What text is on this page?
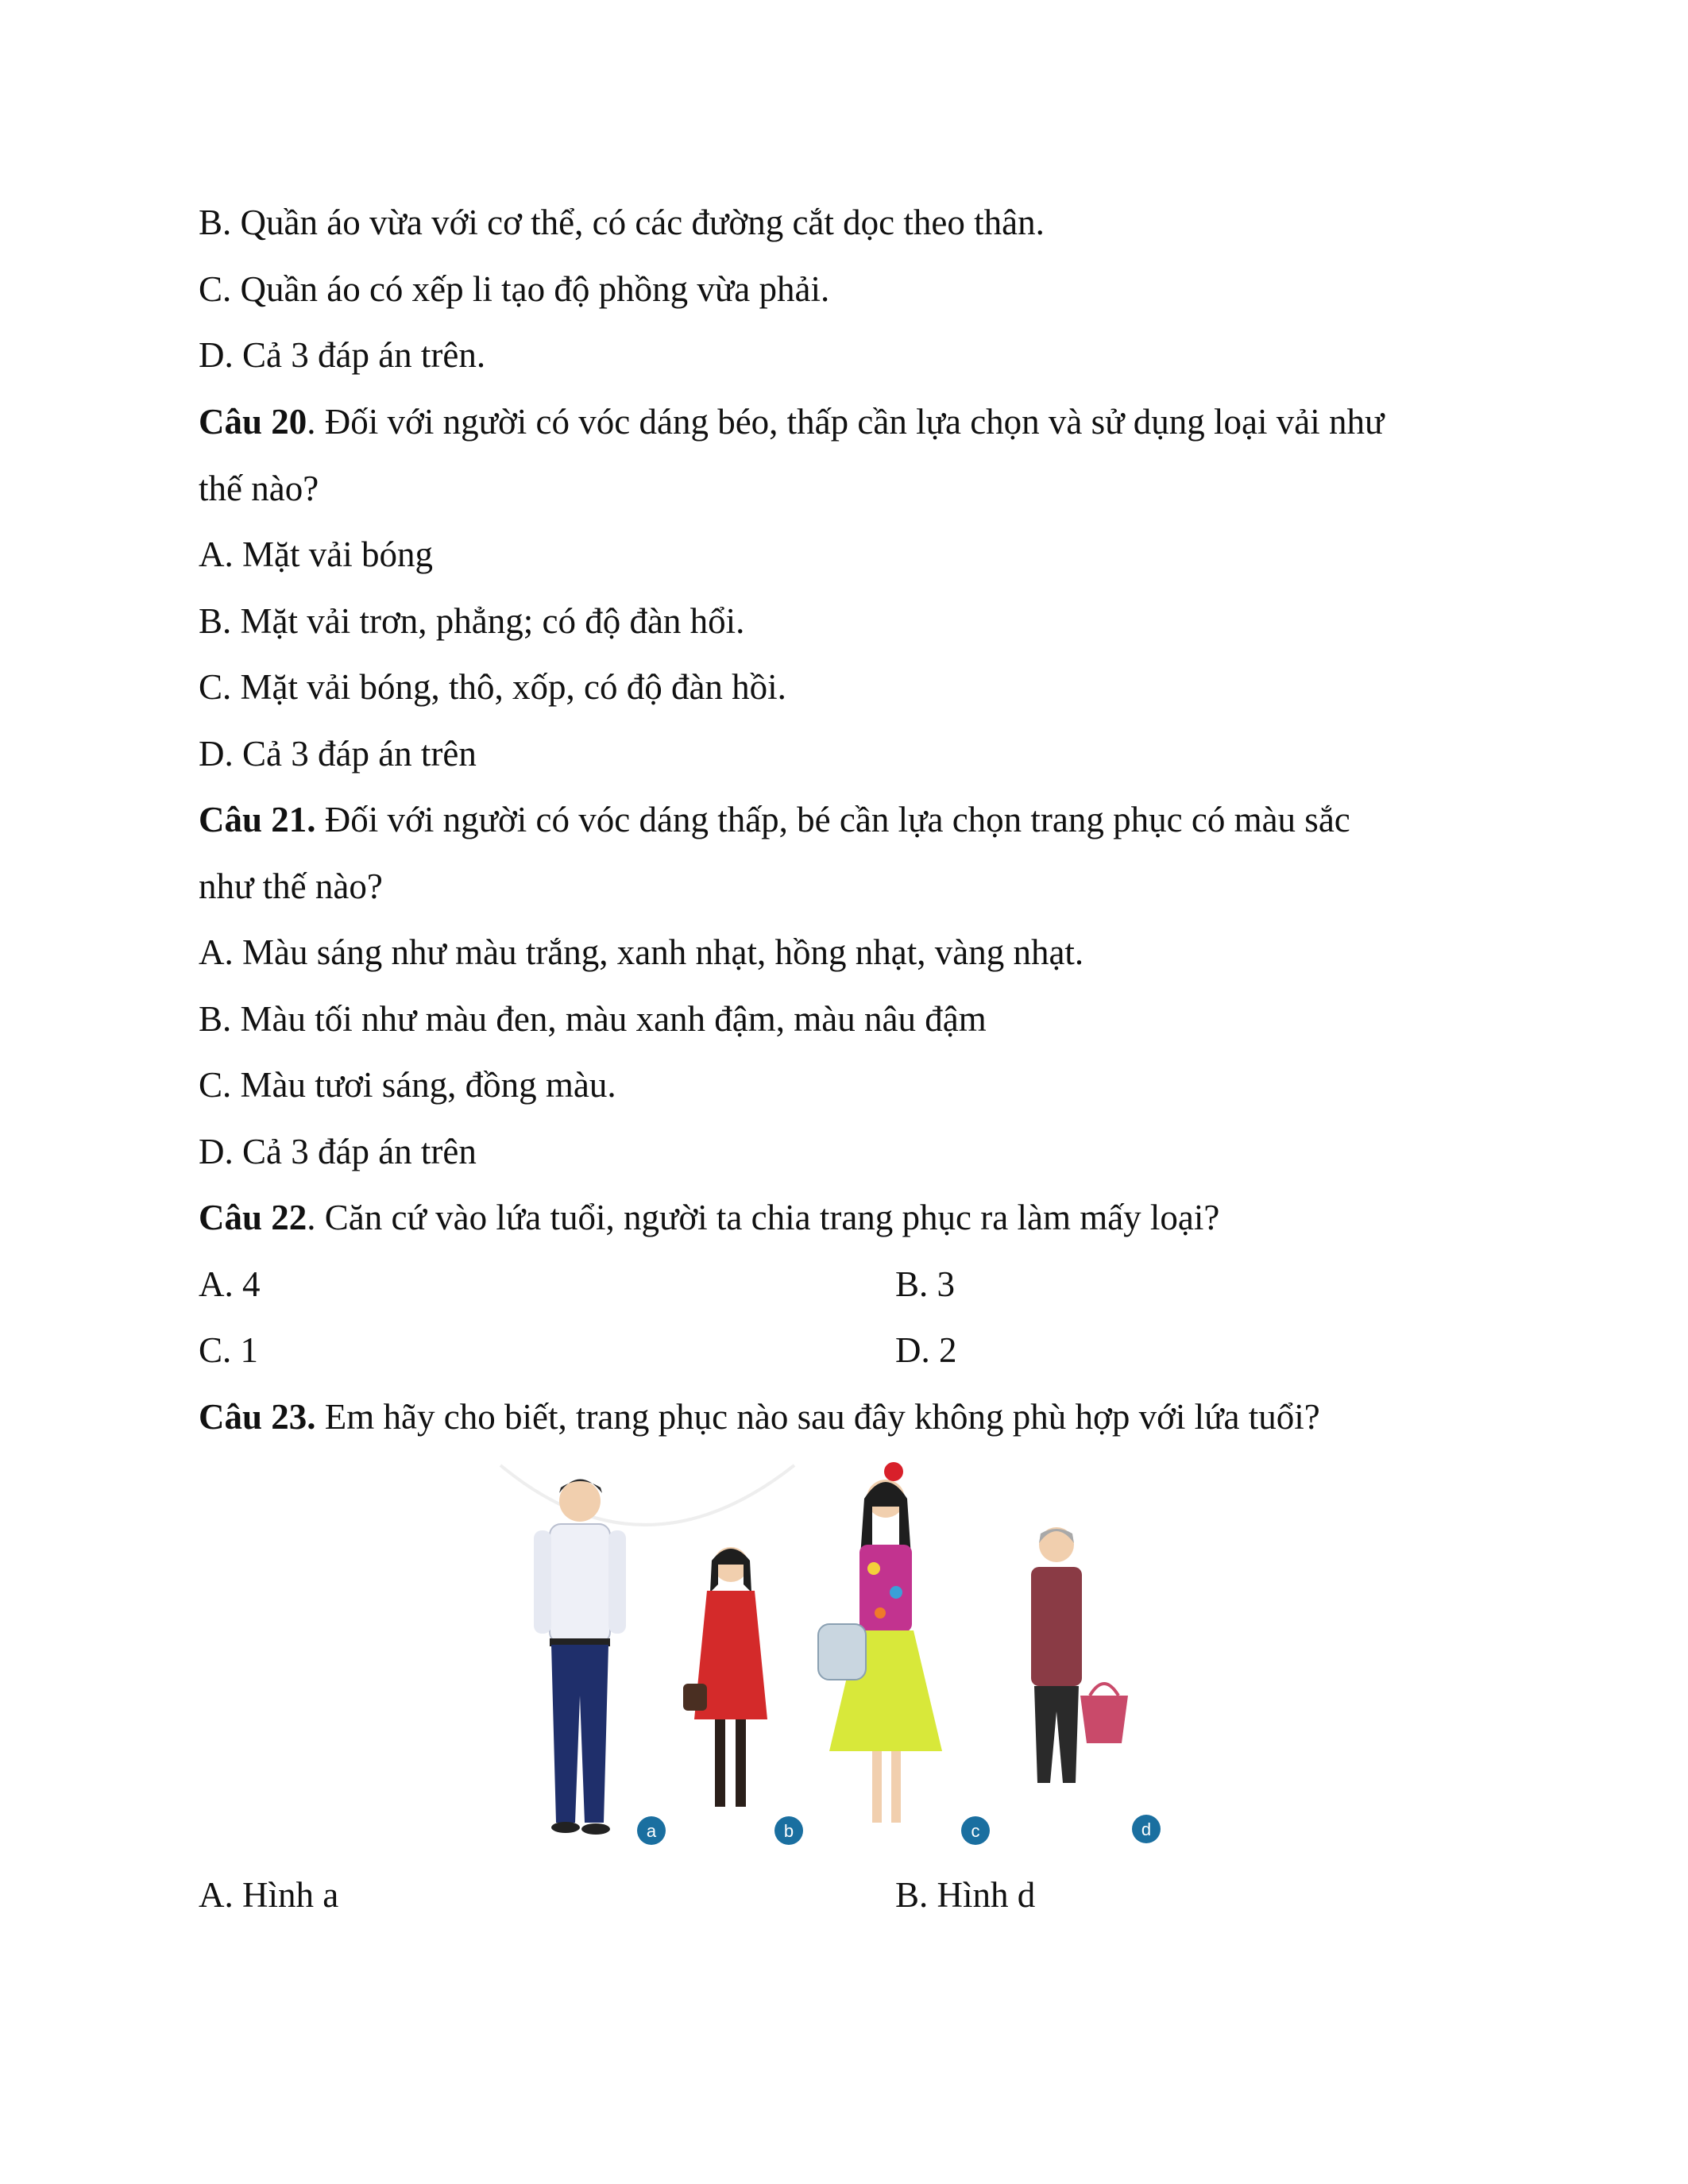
B. Quần áo vừa với cơ thể, có các đường cắt dọc theo thân.
C. Quần áo có xếp li tạo độ phồng vừa phải.
D. Cả 3 đáp án trên.
Câu 20. Đối với người có vóc dáng béo, thấp cần lựa chọn và sử dụng loại vải như
thế nào?
A. Mặt vải bóng
B. Mặt vải trơn, phẳng; có độ đàn hổi.
C. Mặt vải bóng, thô, xốp, có độ đàn hồi.
D. Cả 3 đáp án trên
Câu 21. Đối với người có vóc dáng thấp, bé cần lựa chọn trang phục có màu sắc
như thế nào?
A. Màu sáng như màu trắng, xanh nhạt, hồng nhạt, vàng nhạt.
B. Màu tối như màu đen, màu xanh đậm, màu nâu đậm
C. Màu tươi sáng, đồng màu.
D. Cả 3 đáp án trên
Câu 22. Căn cứ vào lứa tuổi, người ta chia trang phục ra làm mấy loại?
A. 4	B. 3
C. 1	D. 2
Câu 23. Em hãy cho biết, trang phục nào sau đây không phù hợp với lứa tuổi?
a	b	c	d
A. Hình a	B. Hình d
